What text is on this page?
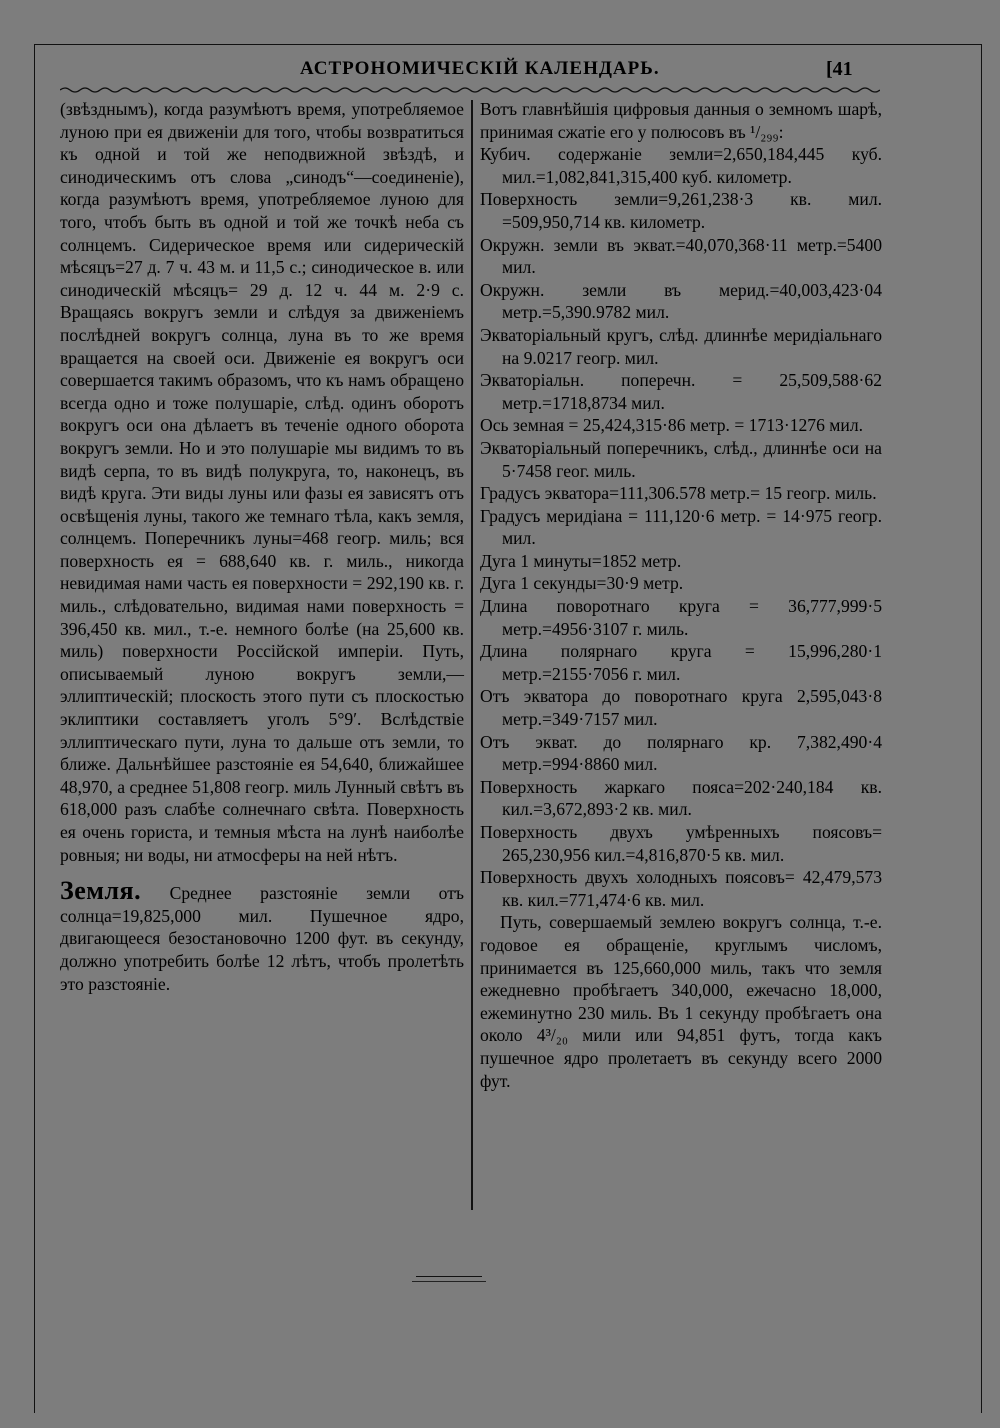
АСТРОНОМИЧЕСКІЙ КАЛЕНДАРЬ.	[41

(звѣзднымъ), когда разумѣютъ время, употребляемое луною при ея движеніи для того, чтобы возвратиться къ одной и той же неподвижной звѣздѣ, и синодическимъ отъ слова „синодъ“—соединеніе), когда разумѣютъ время, употребляемое луною для того, чтобъ быть въ одной и той же точкѣ неба съ солнцемъ. Сидерическое время или сидерическій мѣсяцъ=27 д. 7 ч. 43 м. и 11,5 с.; синодическое в. или синодическій мѣсяцъ= 29 д. 12 ч. 44 м. 2·9 с. Вращаясь вокругъ земли и слѣдуя за движеніемъ послѣдней вокругъ солнца, луна въ то же время вращается на своей оси. Движеніе ея вокругъ оси совершается такимъ образомъ, что къ намъ обращено всегда одно и тоже полушаріе, слѣд. одинъ оборотъ вокругъ оси она дѣлаетъ въ теченіе одного оборота вокругъ земли. Но и это полушаріе мы видимъ то въ видѣ серпа, то въ видѣ полукруга, то, наконецъ, въ видѣ круга. Эти виды луны или фазы ея зависятъ отъ освѣщенія луны, такого же темнаго тѣла, какъ земля, солнцемъ. Поперечникъ луны=468 геогр. миль; вся поверхность ея = 688,640 кв. г. миль., никогда невидимая нами часть ея поверхности = 292,190 кв. г. миль., слѣдовательно, видимая нами поверхность = 396,450 кв. мил., т.-е. немного болѣе (на 25,600 кв. миль) поверхности Россійской имперіи. Путь, описываемый луною вокругъ земли,—эллиптическій; плоскость этого пути съ плоскостью эклиптики составляетъ уголъ 5°9′. Вслѣдствіе эллиптическаго пути, луна то дальше отъ земли, то ближе. Дальнѣйшее разстояніе ея 54,640, ближайшее 48,970, а среднее 51,808 геогр. миль Лунный свѣтъ въ 618,000 разъ слабѣе солнечнаго свѣта. Поверхность ея очень гориста, и темныя мѣста на лунѣ наиболѣе ровныя; ни воды, ни атмосферы на ней нѣтъ.

Земля. Среднее разстояніе земли отъ солнца=19,825,000 мил. Пушечное ядро, двигающееся безостановочно 1200 фут. въ секунду, должно употребить болѣе 12 лѣтъ, чтобъ пролетѣть это разстояніе.

Вотъ главнѣйшія цифровыя данныя о земномъ шарѣ, принимая сжатіе его у полюсовъ въ ¹/₂₉₉:

Кубич. содержаніе земли=2,650,184,445 куб. мил.=1,082,841,315,400 куб. километр.

Поверхность земли=9,261,238·3 кв. мил. =509,950,714 кв. километр.

Окружн. земли въ экват.=40,070,368·11 метр.=5400 мил.

Окружн. земли въ мерид.=40,003,423·04 метр.=5,390.9782 мил.

Экваторіальный кругъ, слѣд. длиннѣе меридіальнаго на 9.0217 геогр. мил.

Экваторіальн. поперечн. = 25,509,588·62 метр.=1718,8734 мил.

Ось земная = 25,424,315·86 метр. = 1713·1276 мил.

Экваторіальный поперечникъ, слѣд., длиннѣе оси на 5·7458 геог. миль.

Градусъ экватора=111,306.578 метр.= 15 геогр. миль.

Градусъ меридіана = 111,120·6 метр. = 14·975 геогр. мил.

Дуга 1 минуты=1852 метр.

Дуга 1 секунды=30·9 метр.

Длина поворотнаго круга = 36,777,999·5 метр.=4956·3107 г. миль.

Длина полярнаго круга = 15,996,280·1 метр.=2155·7056 г. мил.

Отъ экватора до поворотнаго круга 2,595,043·8 метр.=349·7157 мил.

Отъ экват. до полярнаго кр. 7,382,490·4 метр.=994·8860 мил.

Поверхность жаркаго пояса=202·240,184 кв. кил.=3,672,893·2 кв. мил.

Поверхность двухъ умѣренныхъ поясовъ= 265,230,956 кил.=4,816,870·5 кв. мил.

Поверхность двухъ холодныхъ поясовъ= 42,479,573 кв. кил.=771,474·6 кв. мил.

Путь, совершаемый землею вокругъ солнца, т.-е. годовое ея обращеніе, круглымъ числомъ, принимается въ 125,660,000 миль, такъ что земля ежедневно пробѣгаетъ 340,000, ежечасно 18,000, ежеминутно 230 миль. Въ 1 секунду пробѣгаетъ она около 4³/₂₀ мили или 94,851 футъ, тогда какъ пушечное ядро пролетаетъ въ секунду всего 2000 фут.
